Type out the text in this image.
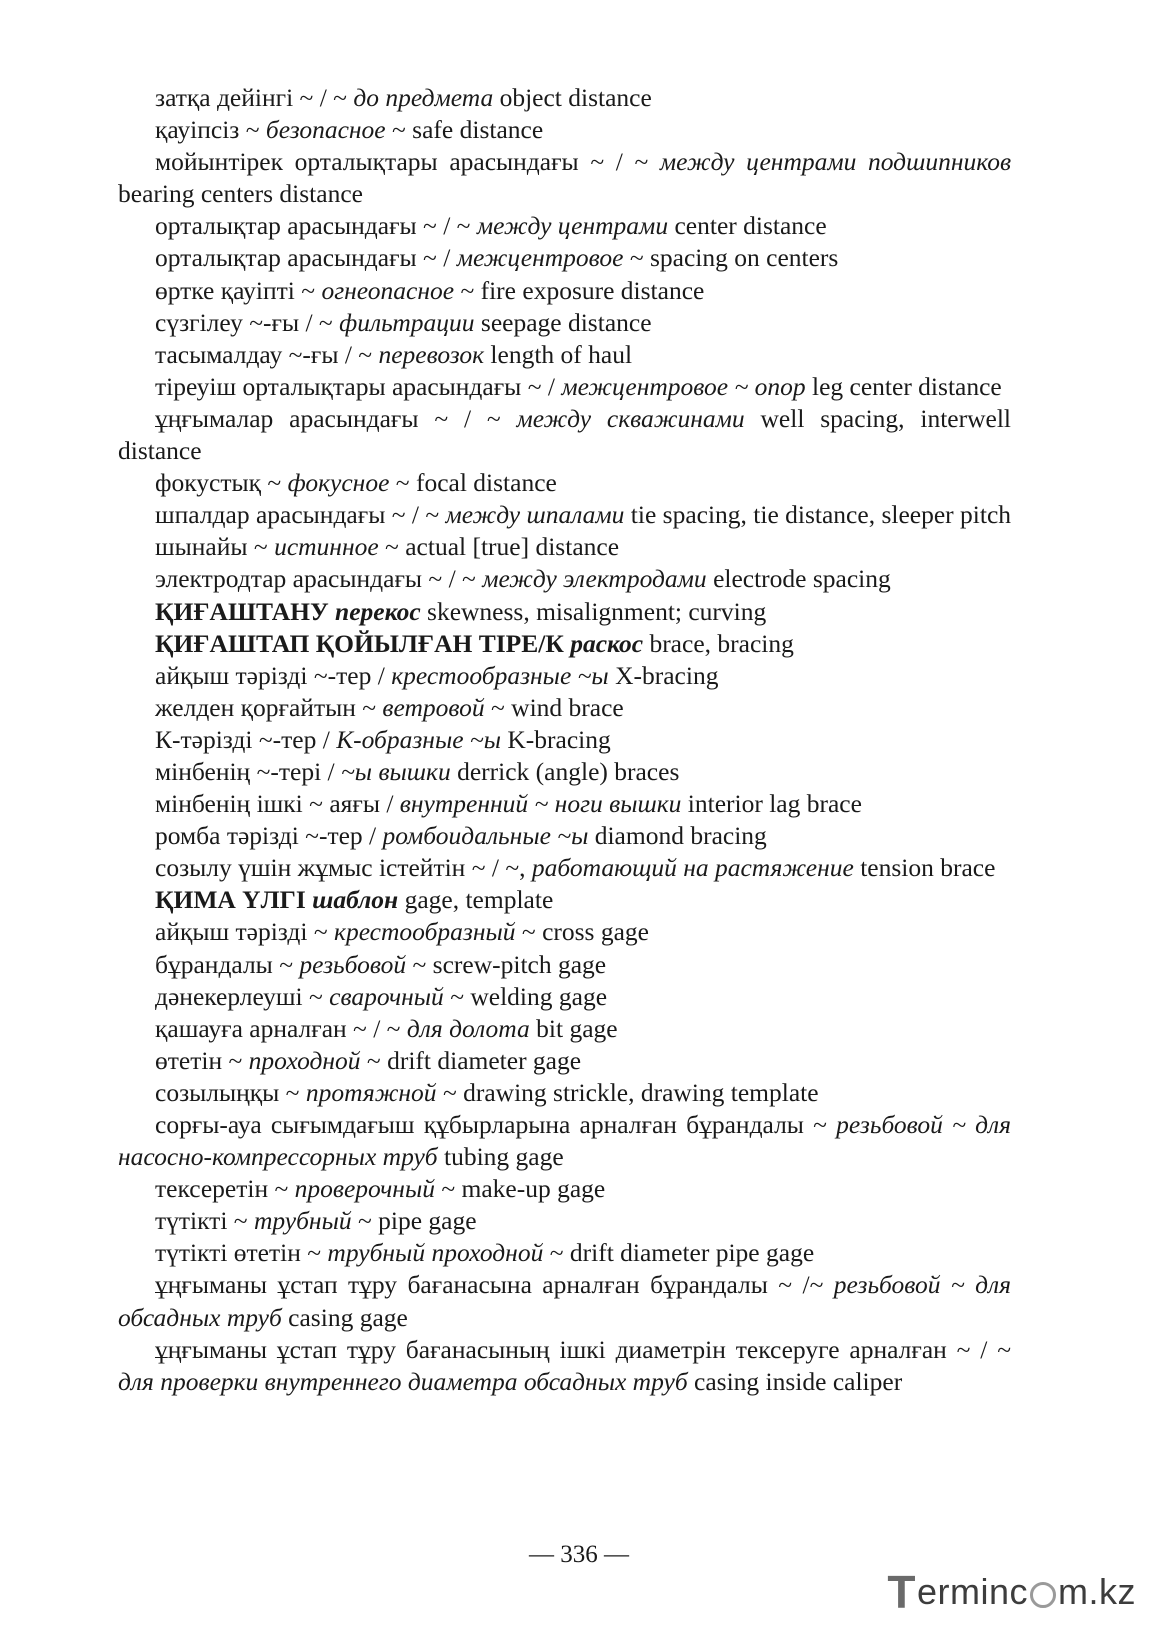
затқа дейінгі ~ / ~ до предмета object distance

қауіпсіз ~ безопасное ~ safe distance

мойынтірек орталықтары арасындағы ~ / ~ между центрами подшипников bearing centers distance

орталықтар арасындағы ~ / ~ между центрами center distance

орталықтар арасындағы ~ / межцентровое ~ spacing on centers

өртке қауіпті ~ огнеопасное ~ fire exposure distance

сүзгілеу ~-ғы / ~ фильтрации seepage distance

тасымалдау ~-ғы / ~ перевозок length of haul

тіреуіш орталықтары арасындағы ~ / межцентровое ~ опор leg center distance

ұңғымалар арасындағы ~ / ~ между скважинами well spacing, interwell distance

фокустық ~ фокусное ~ focal distance

шпалдар арасындағы ~ / ~ между шпалами tie spacing, tie distance, sleeper pitch

шынайы ~ истинное ~ actual [true] distance

электродтар арасындағы ~ / ~ между электродами electrode spacing

ҚИҒАШТАНУ перекос skewness, misalignment; curving

ҚИҒАШТАП ҚОЙЫЛҒАН ТІРЕ/К раскос brace, bracing

айқыш тәрізді ~-тер / крестообразные ~ы X-bracing

желден қорғайтын ~ ветровой ~ wind brace

К-тәрізді ~-тер / К-образные ~ы K-bracing

мінбенің ~-тері / ~ы вышки derrick (angle) braces

мінбенің ішкі ~ аяғы / внутренний ~ ноги вышки interior lag brace

ромба тәрізді ~-тер / ромбоидальные ~ы diamond bracing

созылу үшін жұмыс істейтін ~ / ~, работающий на растяжение tension brace

ҚИМА ҮЛГІ шаблон gage, template

айқыш тәрізді ~ крестообразный ~ cross gage

бұрандалы ~ резьбовой ~ screw-pitch gage

дәнекерлеуші ~ сварочный ~ welding gage

қашауға арналған ~ / ~ для долота bit gage

өтетін ~ проходной ~ drift diameter gage

созылыңқы ~ протяжной ~ drawing strickle, drawing template

сорғы-ауа сығымдағыш құбырларына арналған бұрандалы ~ резьбовой ~ для насосно-компрессорных труб tubing gage

тексеретін ~ проверочный ~ make-up gage

түтікті ~ трубный ~ pipe gage

түтікті өтетін ~ трубный проходной ~ drift diameter pipe gage

ұңғыманы ұстап тұру бағанасына арналған бұрандалы ~ /~ резьбовой ~ для обсадных труб casing gage

ұңғыманы ұстап тұру бағанасының ішкі диаметрін тексеруге арналған ~ / ~ для проверки внутреннего диаметра обсадных труб casing inside caliper

— 336 —
T ermin c m.kz
